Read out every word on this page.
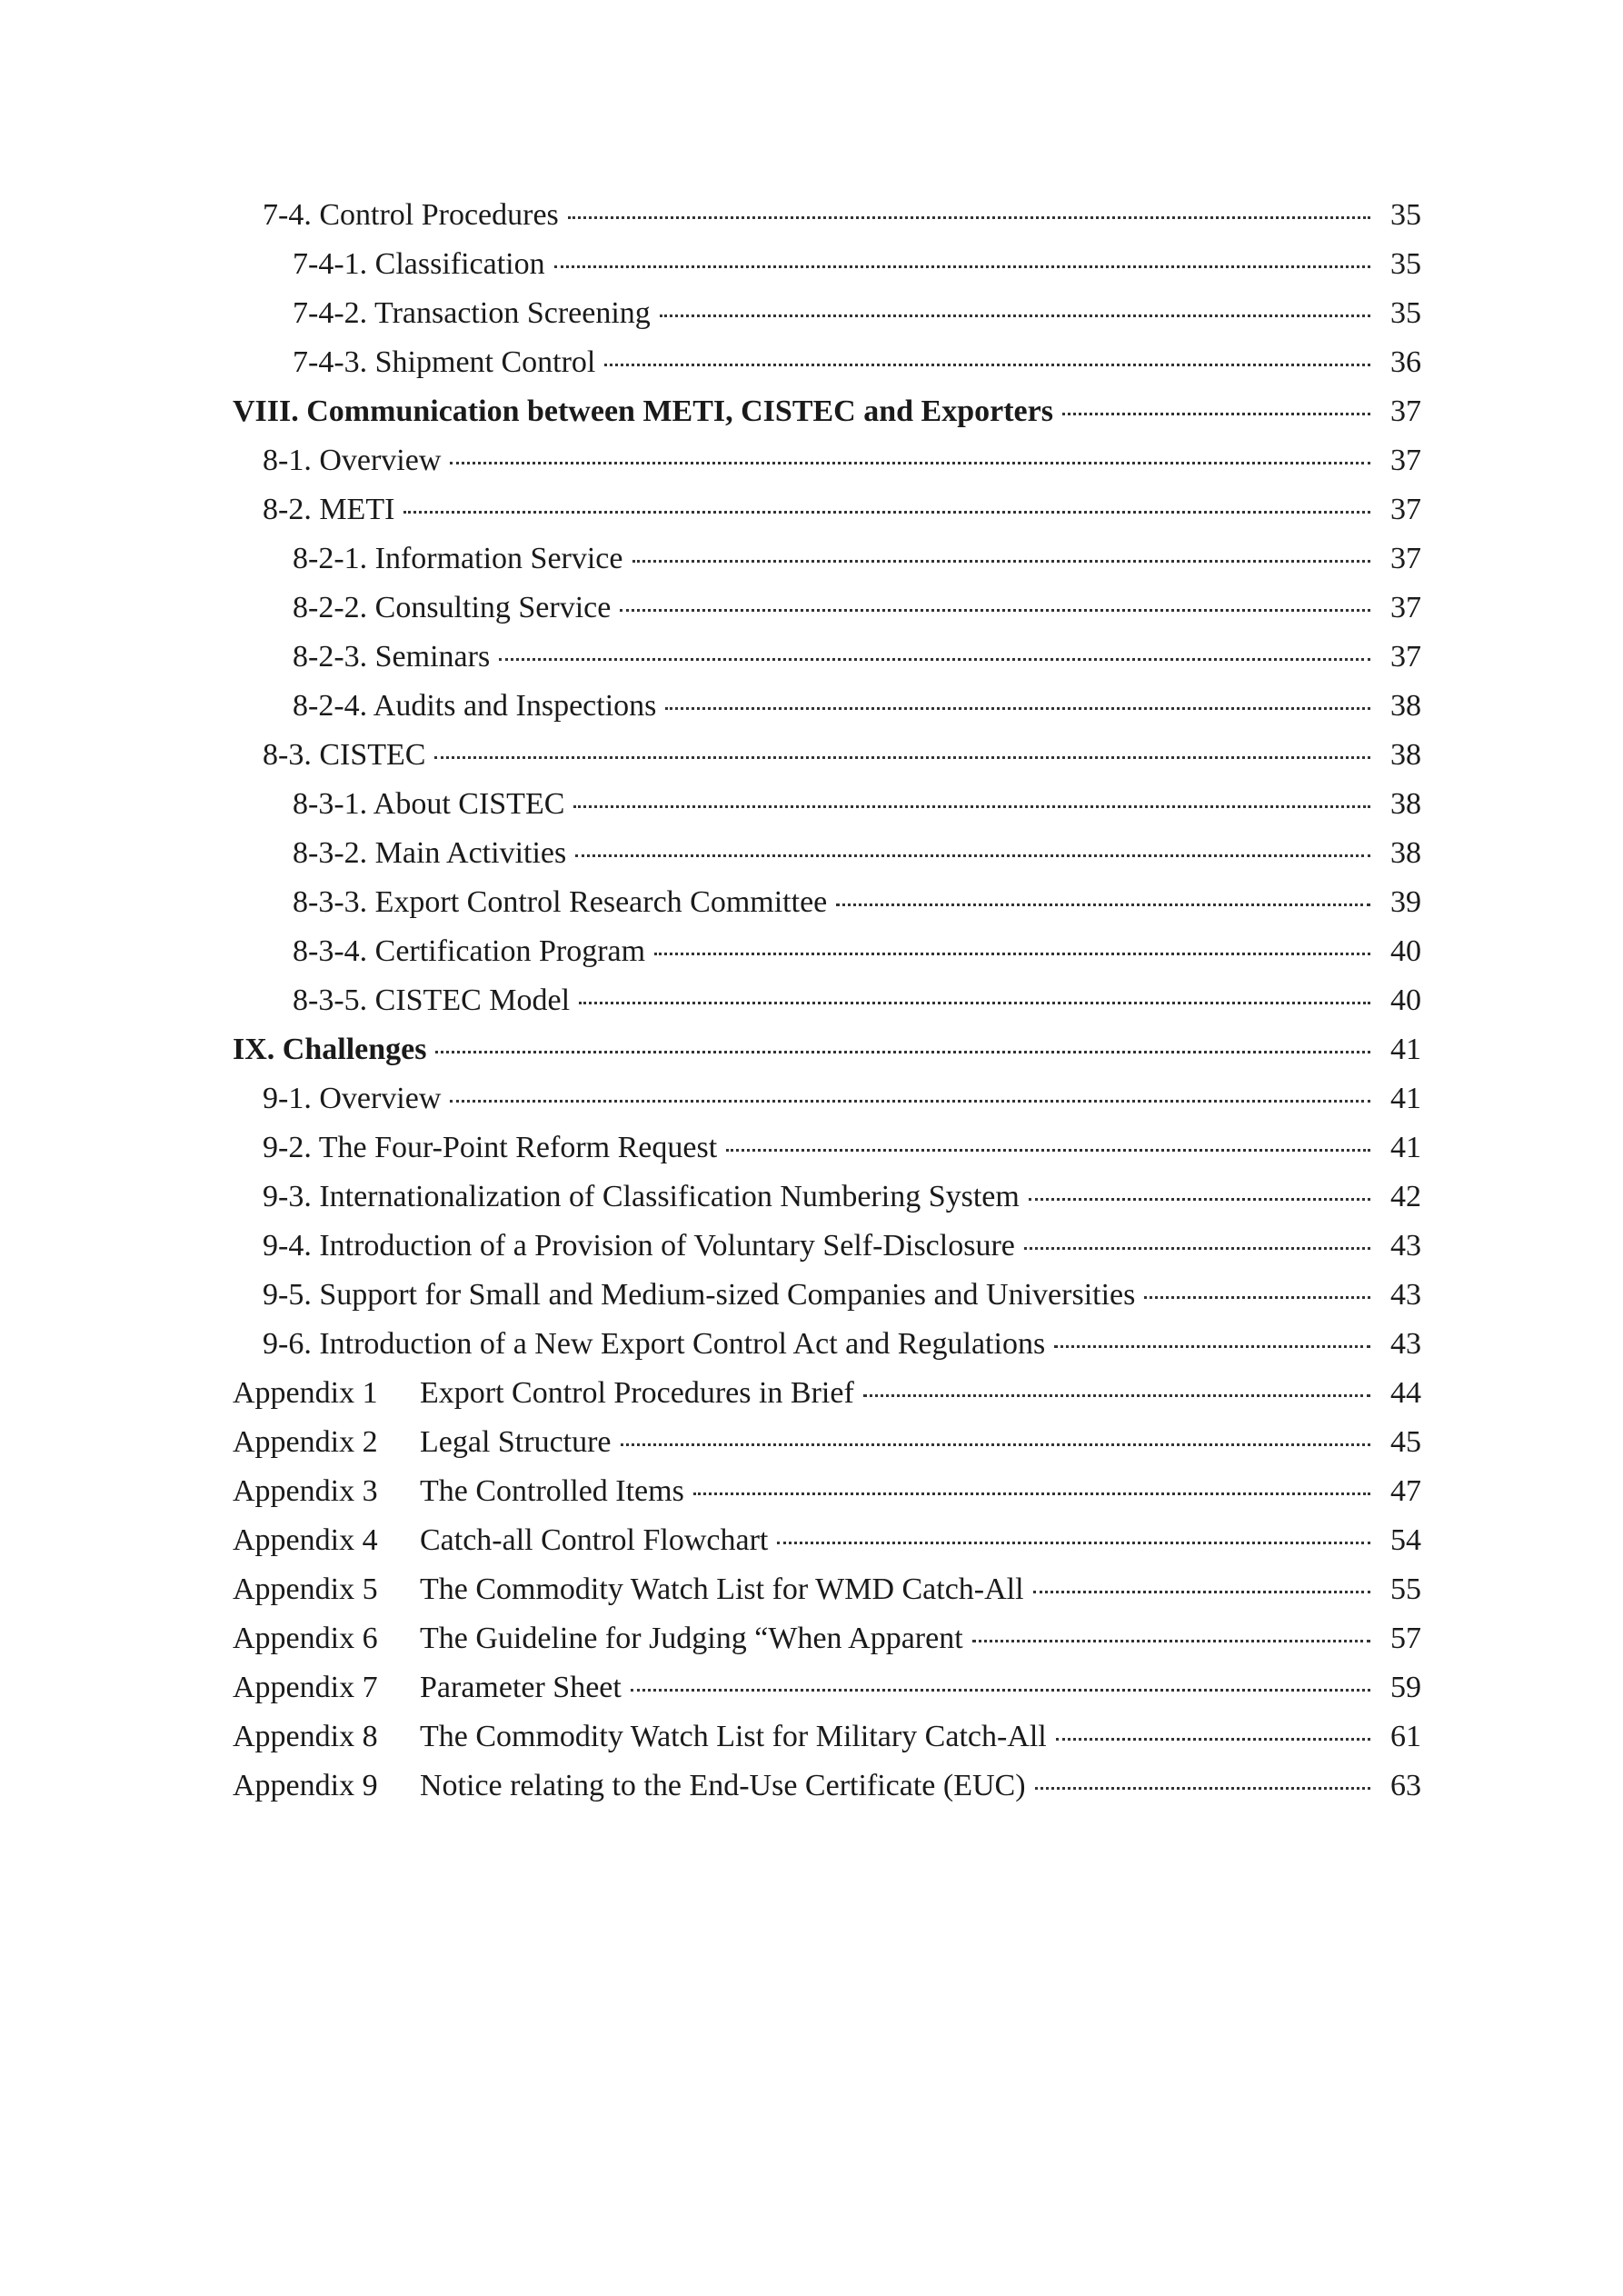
7-4. Control Procedures	35
7-4-1. Classification	35
7-4-2. Transaction Screening	35
7-4-3. Shipment Control	36
VIII. Communication between METI, CISTEC and Exporters	37
8-1. Overview	37
8-2. METI	37
8-2-1. Information Service	37
8-2-2. Consulting Service	37
8-2-3. Seminars	37
8-2-4. Audits and Inspections	38
8-3. CISTEC	38
8-3-1. About CISTEC	38
8-3-2. Main Activities	38
8-3-3. Export Control Research Committee	39
8-3-4. Certification Program	40
8-3-5. CISTEC Model	40
IX. Challenges	41
9-1. Overview	41
9-2. The Four-Point Reform Request	41
9-3. Internationalization of Classification Numbering System	42
9-4. Introduction of a Provision of Voluntary Self-Disclosure	43
9-5. Support for Small and Medium-sized Companies and Universities	43
9-6. Introduction of a New Export Control Act and Regulations	43
Appendix 1 Export Control Procedures in Brief	44
Appendix 2 Legal Structure	45
Appendix 3 The Controlled Items	47
Appendix 4 Catch-all Control Flowchart	54
Appendix 5 The Commodity Watch List for WMD Catch-All	55
Appendix 6 The Guideline for Judging “When Apparent	57
Appendix 7 Parameter Sheet	59
Appendix 8 The Commodity Watch List for Military Catch-All	61
Appendix 9 Notice relating to the End-Use Certificate (EUC)	63
